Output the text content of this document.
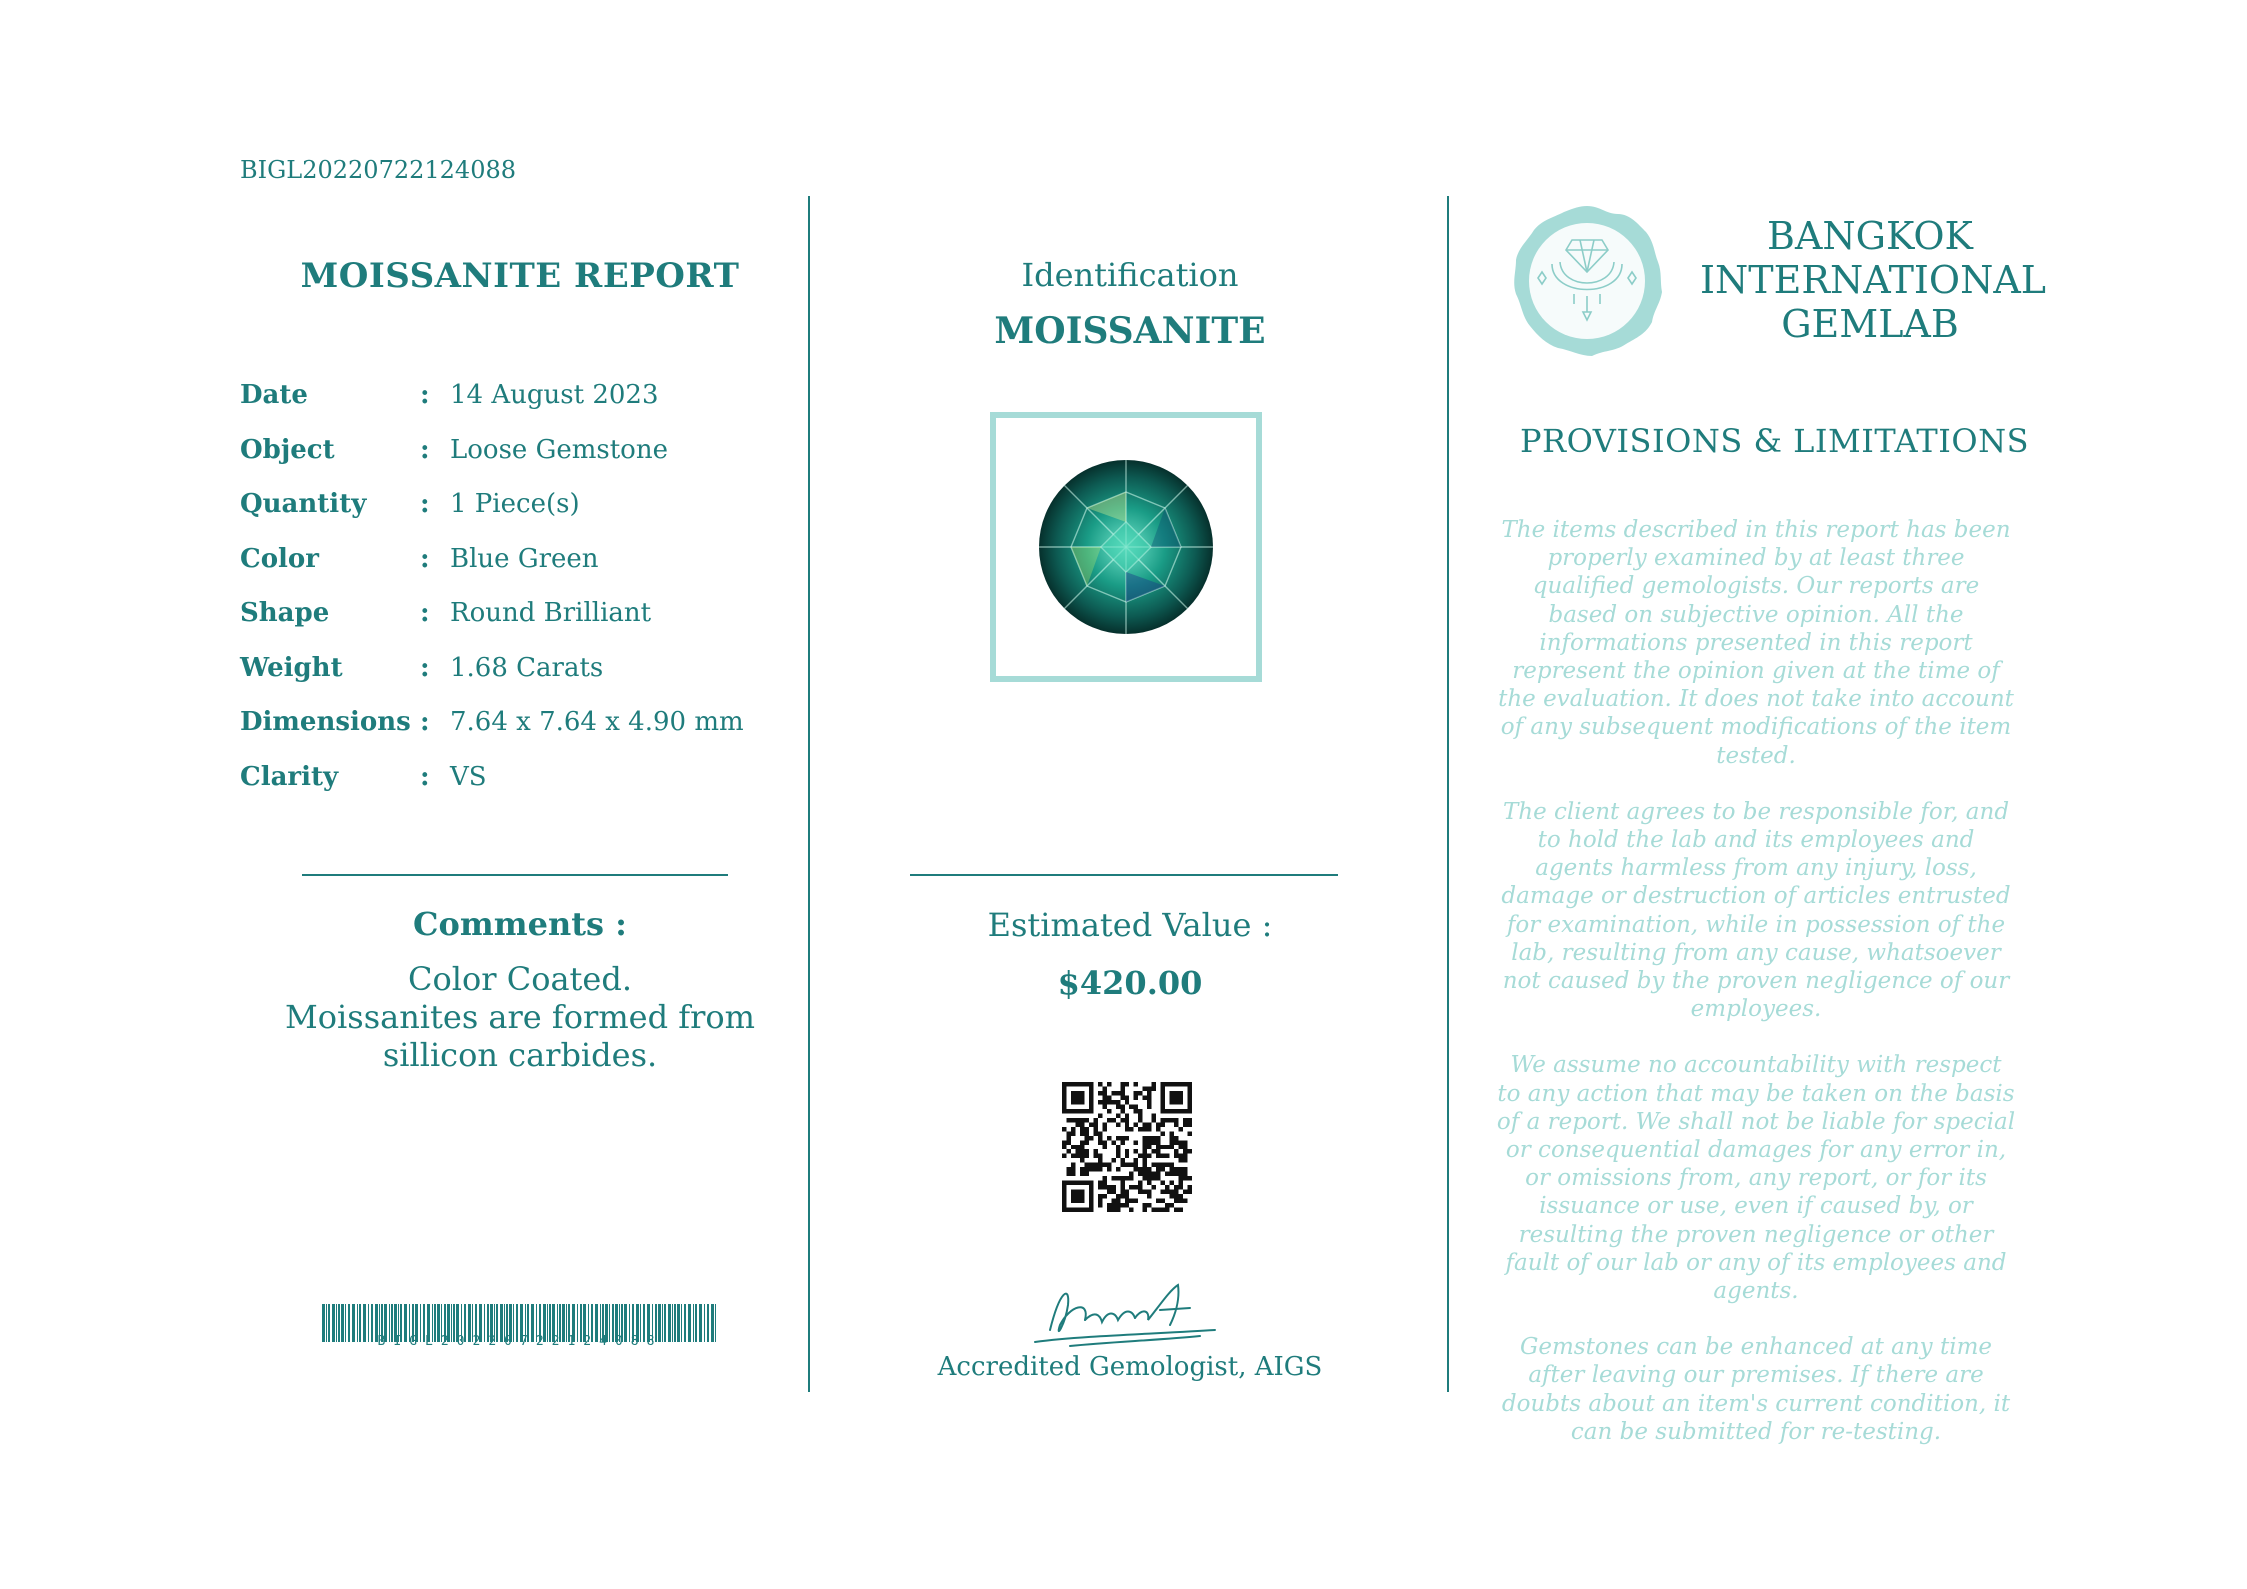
BIGL20220722124088
MOISSANITE REPORT
Date	: 14 August 2023
Object	: Loose Gemstone
Quantity	: 1 Piece(s)
Color	: Blue Green
Shape	: Round Brilliant
Weight	: 1.68 Carats
Dimensions : 7.64 x 7.64 x 4.90 mm
Clarity	: VS
Comments :
Color Coated.
Moissanites are formed from sillicon carbides.
BIGL20220722124088
Identification
MOISSANITE
Estimated Value :
$420.00
Accredited Gemologist, AIGS
BANGKOK
INTERNATIONAL
GEMLAB
PROVISIONS & LIMITATIONS

The items described in this report has been properly examined by at least three qualified gemologists. Our reports are based on subjective opinion. All the informations presented in this report represent the opinion given at the time of the evaluation. It does not take into account of any subsequent modifications of the item tested.

The client agrees to be responsible for, and to hold the lab and its employees and agents harmless from any injury, loss, damage or destruction of articles entrusted for examination, while in possession of the lab, resulting from any cause, whatsoever not caused by the proven negligence of our employees.

We assume no accountability with respect to any action that may be taken on the basis of a report. We shall not be liable for special or consequential damages for any error in, or omissions from, any report, or for its issuance or use, even if caused by, or resulting the proven negligence or other fault of our lab or any of its employees and agents.

Gemstones can be enhanced at any time after leaving our premises. If there are doubts about an item's current condition, it can be submitted for re-testing.
